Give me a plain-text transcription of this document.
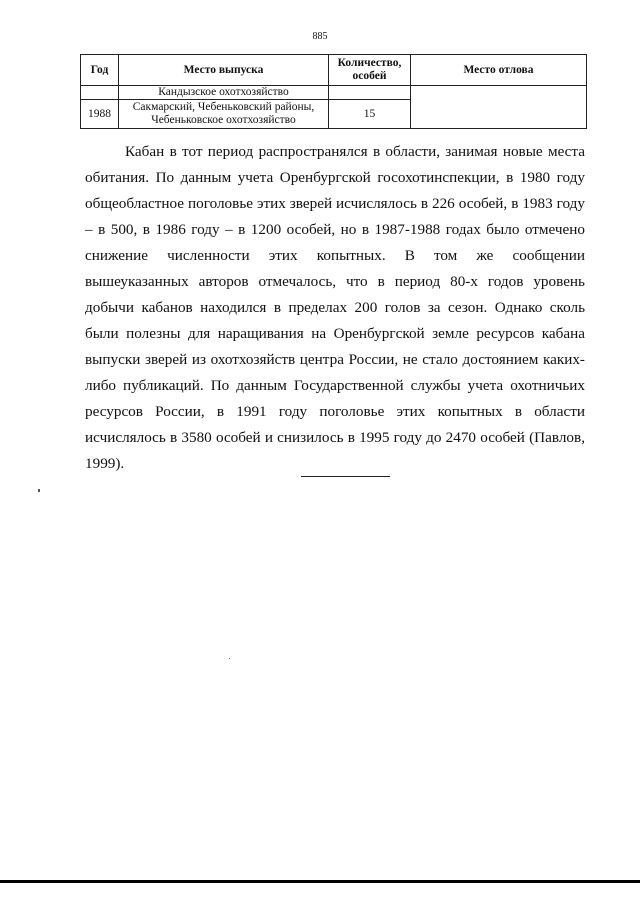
885
Год	Место выпуска	Количество, особей	Место отлова
	Кандызское охотхозяйство		
1988	Сакмарский, Чебеньковский районы, Чебеньковское охотхозяйство	15	

Кабан в тот период распространялся в области, занимая новые места обитания. По данным учета Оренбургской госохотинспекции, в 1980 году общеобластное поголовье этих зверей исчислялось в 226 особей, в 1983 году – в 500, в 1986 году – в 1200 особей, но в 1987-1988 годах было отмечено снижение численности этих копытных. В том же сообщении вышеуказанных авторов отмечалось, что в период 80-х годов уровень добычи кабанов находился в пределах 200 голов за сезон. Однако сколь были полезны для наращивания на Оренбургской земле ресурсов кабана выпуски зверей из охотхозяйств центра России, не стало достоянием каких-либо публикаций. По данным Государственной службы учета охотничьих ресурсов России, в 1991 году поголовье этих копытных в области исчислялось в 3580 особей и снизилось в 1995 году до 2470 особей (Павлов, 1999).
